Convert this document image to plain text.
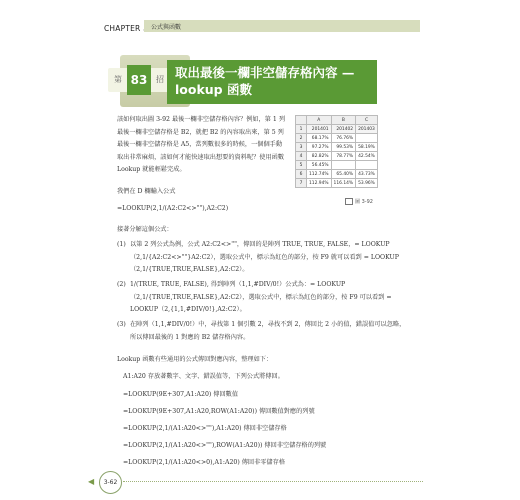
CHAPTER	公式與函數
第 83	招 取出最後一欄非空儲存格內容 —
lookup 函數
該如何取出圖 3-92 最後一欄非空儲存格內容？例如，第 1 列最後一欄非空儲存格是 B2，就把 B2 的內容取出來，第 5 列最後一欄非空儲存格是 A5，當列數很多的時候，一個個手動取出非常麻煩，該如何才能快速取出想要的資料呢？使用函數 Lookup 就能輕鬆完成。
	A	B	C
1	201401	201402	201403
2	68.17%	76.76%	
3	97.27%	99.53%	58.19%
4	82.82%	78.77%	42.54%
5	56.45%		
6	112.74%	65.40%	43.73%
7	112.94%	116.14%	53.96%
圖 3-92
我們在 D 欄輸入公式
=LOOKUP(2,1/(A2:C2<>""),A2:C2)
接著分解這個公式：
(1) 以第 2 列公式為例，公式 A2:C2<>""，傳回的是陣列 TRUE, TRUE, FALSE，= LOOKUP（2,1/{A2:C2<>""}A2:C2），選取公式中，標示為紅色的部分，按 F9 就可以看到 = LOOKUP（2,1/{TRUE,TRUE,FALSE},A2:C2）。
(2) 1/(TRUE, TRUE, FALSE), 得到陣列（1,1,#DIV/0!）公式為：= LOOKUP（2,1/{TRUE,TRUE,FALSE},A2:C2），選取公式中，標示為紅色的部分，按 F9 可以看到 = LOOKUP（2,{1,1,#DIV/0!},A2:C2）。
(3) 在陣列（1,1,#DIV/0!）中，尋找第 1 個引數 2，尋找不到 2，傳回比 2 小的值，錯誤值可以忽略，所以傳回最後的 1 對應的 B2 儲存格內容。
Lookup 函數有些通用的公式傳回對應內容，整理如下：
A1:A20 存放著數字、文字、錯誤值等，下列公式將傳回。
=LOOKUP(9E+307,A1:A20) 傳回數值
=LOOKUP(9E+307,A1:A20,ROW(A1:A20)) 傳回數值對應的列號
=LOOKUP(2,1/(A1:A20<>""),A1:A20) 傳回非空儲存格
=LOOKUP(2,1/(A1:A20<>""),ROW(A1:A20)) 傳回非空儲存格的列號
=LOOKUP(2,1/(A1:A20<>0),A1:A20) 傳回非零儲存格
◀	3-62
